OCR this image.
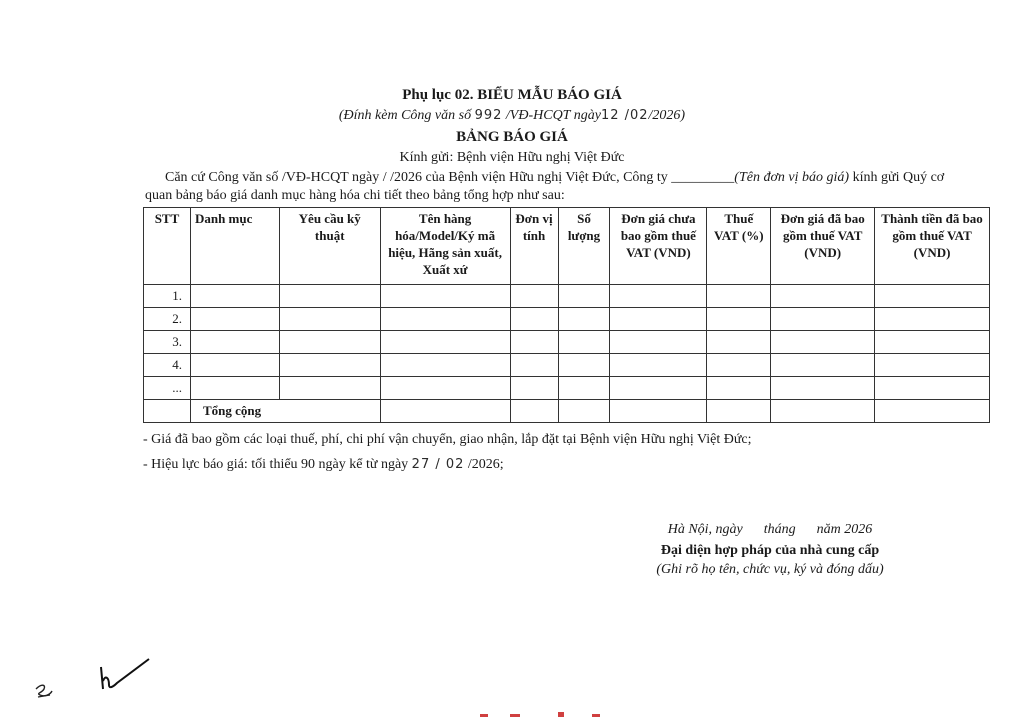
Phụ lục 02. BIỂU MẪU BÁO GIÁ
(Đính kèm Công văn số 992 /VĐ-HCQT ngày12 /02/2026)
BẢNG BÁO GIÁ
Kính gửi: Bệnh viện Hữu nghị Việt Đức

Căn cứ Công văn số /VĐ-HCQT ngày / /2026 của Bệnh viện Hữu nghị Việt Đức, Công ty _________(Tên đơn vị báo giá) kính gửi Quý cơ quan bảng báo giá danh mục hàng hóa chi tiết theo bảng tổng hợp như sau:

STT	Danh mục	Yêu cầu kỹ thuật	Tên hàng hóa/Model/Ký mã hiệu, Hãng sản xuất, Xuất xứ	Đơn vị tính	Số lượng	Đơn giá chưa bao gồm thuế VAT (VND)	Thuế VAT (%)	Đơn giá đã bao gồm thuế VAT (VND)	Thành tiền đã bao gồm thuế VAT (VND)
1.									
2.									
3.									
4.									
...									
	Tổng cộng								
- Giá đã bao gồm các loại thuế, phí, chi phí vận chuyển, giao nhận, lắp đặt tại Bệnh viện Hữu nghị Việt Đức;
- Hiệu lực báo giá: tối thiểu 90 ngày kể từ ngày 27 / 02 /2026;
Hà Nội, ngày      tháng      năm 2026
Đại diện hợp pháp của nhà cung cấp
(Ghi rõ họ tên, chức vụ, ký và đóng dấu)
